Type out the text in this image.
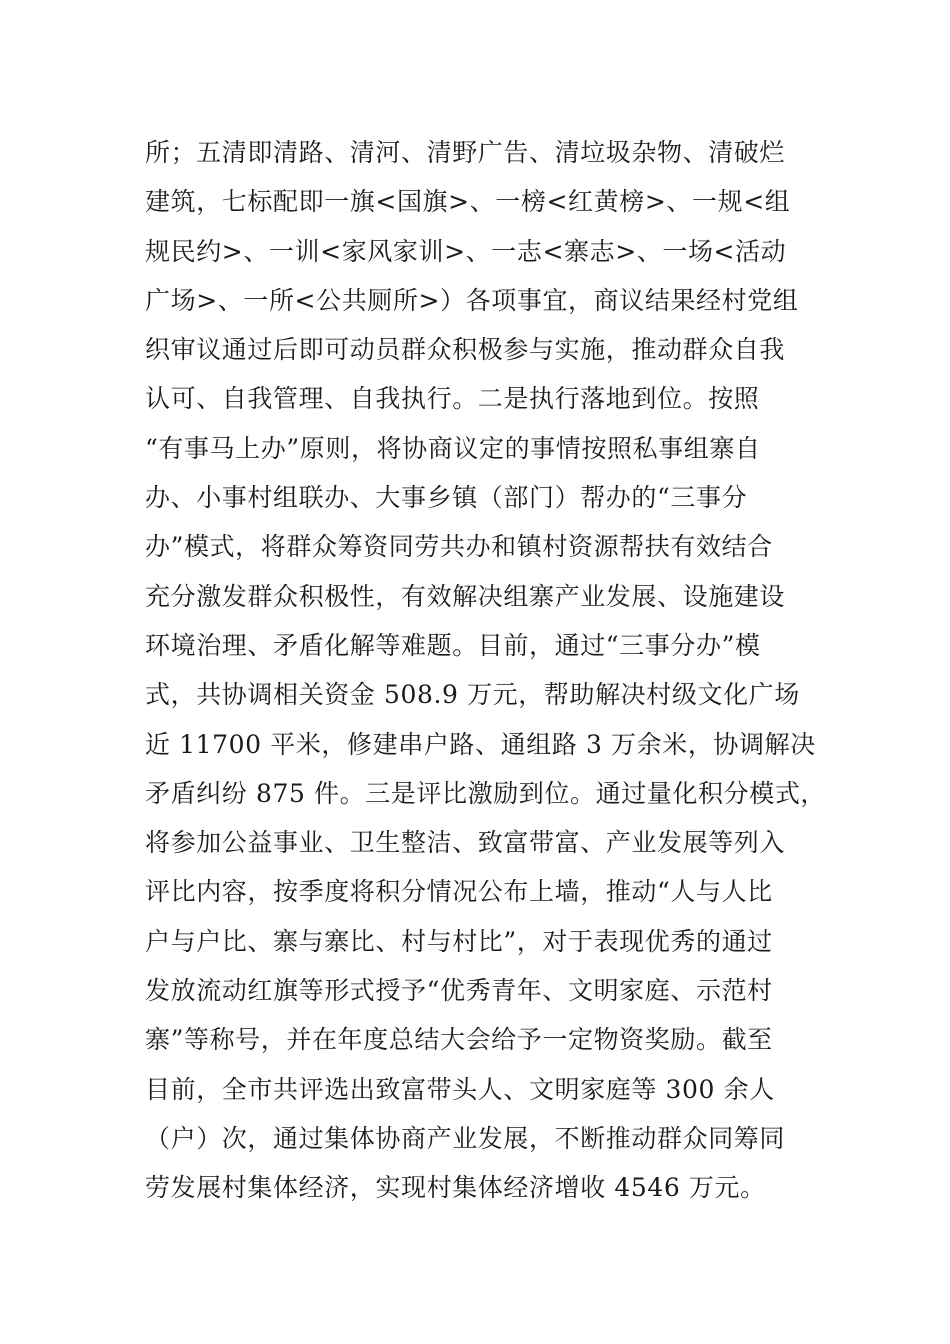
所；五清即清路、清河、清野广告、清垃圾杂物、清破烂
建筑，七标配即一旗<国旗>、一榜<红黄榜>、一规<组
规民约>、一训<家风家训>、一志<寨志>、一场<活动
广场>、一所<公共厕所>）各项事宜，商议结果经村党组
织审议通过后即可动员群众积极参与实施，推动群众自我
认可、自我管理、自我执行。二是执行落地到位。按照
“有事马上办”原则，将协商议定的事情按照私事组寨自
办、小事村组联办、大事乡镇（部门）帮办的“三事分
办”模式，将群众筹资同劳共办和镇村资源帮扶有效结合
充分激发群众积极性，有效解决组寨产业发展、设施建设
环境治理、矛盾化解等难题。目前，通过“三事分办”模
式，共协调相关资金 508.9 万元，帮助解决村级文化广场
近 11700 平米，修建串户路、通组路 3 万余米，协调解决
矛盾纠纷 875 件。三是评比激励到位。通过量化积分模式，
将参加公益事业、卫生整洁、致富带富、产业发展等列入
评比内容，按季度将积分情况公布上墙，推动“人与人比
户与户比、寨与寨比、村与村比”，对于表现优秀的通过
发放流动红旗等形式授予“优秀青年、文明家庭、示范村
寨”等称号，并在年度总结大会给予一定物资奖励。截至
目前，全市共评选出致富带头人、文明家庭等 300 余人
（户）次，通过集体协商产业发展，不断推动群众同筹同
劳发展村集体经济，实现村集体经济增收 4546 万元。
